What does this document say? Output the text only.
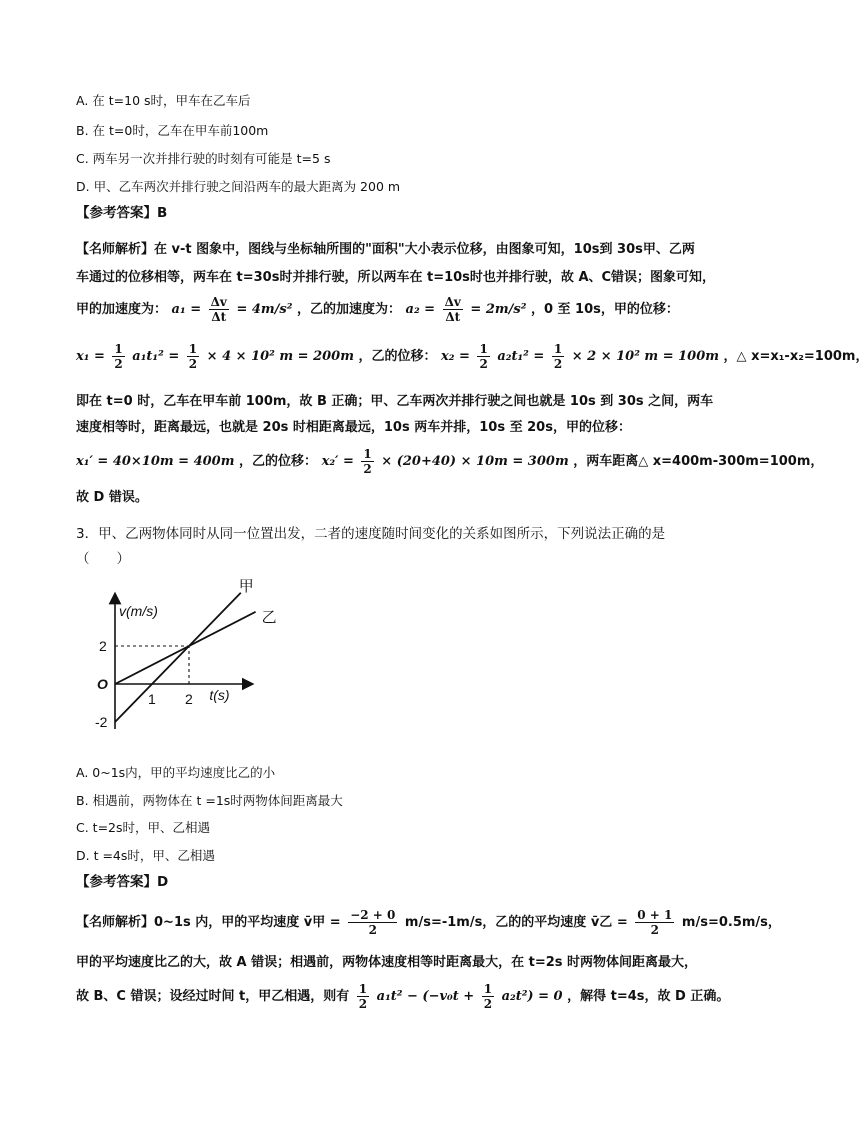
A. 在 t=10 s时，甲车在乙车后
B. 在 t=0时，乙车在甲车前100m
C. 两车另一次并排行驶的时刻有可能是 t=5 s
D. 甲、乙车两次并排行驶之间沿两车的最大距离为 200 m
【参考答案】B
【名师解析】在 v-t 图象中，图线与坐标轴所围的"面积"大小表示位移，由图象可知，10s到 30s甲、乙两
车通过的位移相等，两车在 t=30s时并排行驶，所以两车在 t=10s时也并排行驶，故 A、C错误；图象可知，
甲的加速度为： $a_1 = \frac{\Delta v}{\Delta t} = 4m/s^2$ ，乙的加速度为： $a_2 = \frac{\Delta v}{\Delta t} = 2m/s^2$ ，0 至 10s，甲的位移：
$x_1 = \frac{1}{2} a_1t_1^2 = \frac{1}{2} \times 4 \times 10^2$ m = 200m ，乙的位移： $x_2 = \frac{1}{2} a_2t_1^2 = \frac{1}{2} \times 2 \times 10^2$ m = 100m ，△ x=x₁-x₂=100m，
即在 t=0 时，乙车在甲车前 100m，故 B 正确；甲、乙车两次并排行驶之间也就是 10s 到 30s 之间，两车
速度相等时，距离最远，也就是 20s 时相距离最远，10s 两车并排，10s 至 20s，甲的位移：
x₁′ = 40×10m = 400m ，乙的位移： $x_2' = \frac{1}{2} \times (20+40) \times 10m = 300m$ ，两车距离△ x=400m-300m=100m，
故 D 错误。
3．甲、乙两物体同时从同一位置出发，二者的速度随时间变化的关系如图所示，下列说法正确的是
（　　）
v(m/s)
t(s)
O
1 2
2
-2
甲
乙
A. 0~1s内，甲的平均速度比乙的小
B. 相遇前，两物体在 t =1s时两物体间距离最大
C. t=2s时，甲、乙相遇
D. t =4s时，甲、乙相遇
【参考答案】D
【名师解析】0~1s 内，甲的平均速度 v̄甲 = $\frac{-2 + 0}{2} m/s=-1m/s$，乙的的平均速度 v̄乙 = $\frac{0 + 1}{2} m/s=0.5m/s$，
甲的平均速度比乙的大，故 A 错误；相遇前，两物体速度相等时距离最大，在 t=2s 时两物体间距离最大，
故 B、C 错误；设经过时间 t，甲乙相遇，则有 $\frac{1}{2} a_1t^2 - (-v_0t + \frac{1}{2} a_2t^2) = 0$ ，解得 t=4s，故 D 正确。
